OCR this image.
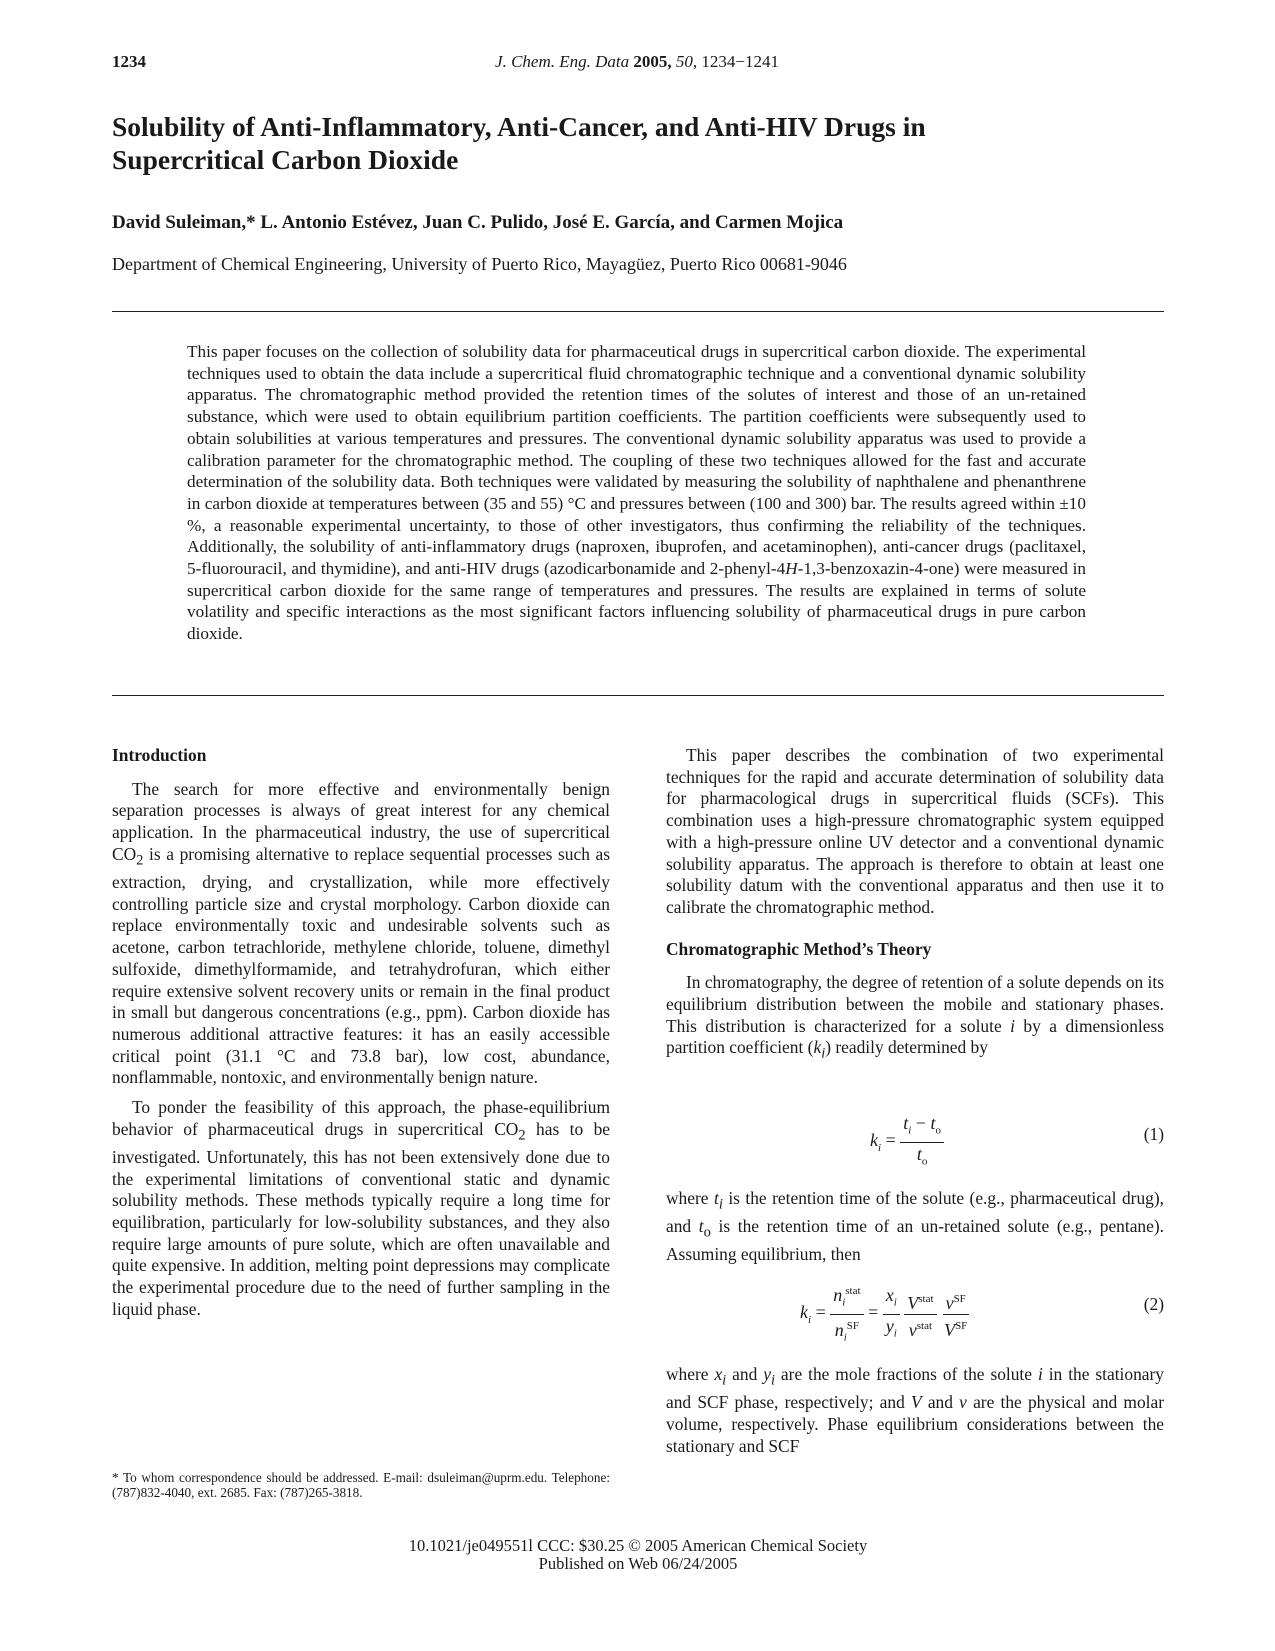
1234	J. Chem. Eng. Data 2005, 50, 1234−1241
Solubility of Anti-Inflammatory, Anti-Cancer, and Anti-HIV Drugs in
Supercritical Carbon Dioxide
David Suleiman,* L. Antonio Estévez, Juan C. Pulido, José E. García, and Carmen Mojica
Department of Chemical Engineering, University of Puerto Rico, Mayagüez, Puerto Rico 00681-9046
This paper focuses on the collection of solubility data for pharmaceutical drugs in supercritical carbon dioxide. The experimental techniques used to obtain the data include a supercritical fluid chromatographic technique and a conventional dynamic solubility apparatus. The chromatographic method provided the retention times of the solutes of interest and those of an un-retained substance, which were used to obtain equilibrium partition coefficients. The partition coefficients were subsequently used to obtain solubilities at various temperatures and pressures. The conventional dynamic solubility apparatus was used to provide a calibration parameter for the chromatographic method. The coupling of these two techniques allowed for the fast and accurate determination of the solubility data. Both techniques were validated by measuring the solubility of naphthalene and phenanthrene in carbon dioxide at temperatures between (35 and 55) °C and pressures between (100 and 300) bar. The results agreed within ±10 %, a reasonable experimental uncertainty, to those of other investigators, thus confirming the reliability of the techniques. Additionally, the solubility of anti-inflammatory drugs (naproxen, ibuprofen, and acetaminophen), anti-cancer drugs (paclitaxel, 5-fluorouracil, and thymidine), and anti-HIV drugs (azodicarbonamide and 2-phenyl-4H-1,3-benzoxazin-4-one) were measured in supercritical carbon dioxide for the same range of temperatures and pressures. The results are explained in terms of solute volatility and specific interactions as the most significant factors influencing solubility of pharmaceutical drugs in pure carbon dioxide.
Introduction

The search for more effective and environmentally benign separation processes is always of great interest for any chemical application. In the pharmaceutical industry, the use of supercritical $CO_2$ is a promising alternative to replace sequential processes such as extraction, drying, and crystallization, while more effectively controlling particle size and crystal morphology. Carbon dioxide can replace environmentally toxic and undesirable solvents such as acetone, carbon tetrachloride, methylene chloride, toluene, dimethyl sulfoxide, dimethylformamide, and tetrahydrofuran, which either require extensive solvent recovery units or remain in the final product in small but dangerous concentrations (e.g., ppm). Carbon dioxide has numerous additional attractive features: it has an easily accessible critical point (31.1 °C and 73.8 bar), low cost, abundance, nonflammable, nontoxic, and environmentally benign nature.

To ponder the feasibility of this approach, the phase-equilibrium behavior of pharmaceutical drugs in supercritical $CO_2$ has to be investigated. Unfortunately, this has not been extensively done due to the experimental limitations of conventional static and dynamic solubility methods. These methods typically require a long time for equilibration, particularly for low-solubility substances, and they also require large amounts of pure solute, which are often unavailable and quite expensive. In addition, melting point depressions may complicate the experimental procedure due to the need of further sampling in the liquid phase.

* To whom correspondence should be addressed. E-mail: dsuleiman@uprm.edu. Telephone: (787)832-4040, ext. 2685. Fax: (787)265-3818.

This paper describes the combination of two experimental techniques for the rapid and accurate determination of solubility data for pharmacological drugs in supercritical fluids (SCFs). This combination uses a high-pressure chromatographic system equipped with a high-pressure online UV detector and a conventional dynamic solubility apparatus. The approach is therefore to obtain at least one solubility datum with the conventional apparatus and then use it to calibrate the chromatographic method.

Chromatographic Method’s Theory

In chromatography, the degree of retention of a solute depends on its equilibrium distribution between the mobile and stationary phases. This distribution is characterized for a solute i by a dimensionless partition coefficient $(k_i)$ readily determined by

$k_i = \frac{t_i - t_o}{t_o}$	(1)

where $t_i$ is the retention time of the solute (e.g., pharmaceutical drug), and $t_o$ is the retention time of an un-retained solute (e.g., pentane). Assuming equilibrium, then

$k_i = \frac{n_i^{stat}}{n_i^{SF}} = \frac{x_i}{y_i}$
$\frac{V^{stat}}{v^{stat}}$
$\frac{v^{SF}}{V^{SF}}$	(2)

where $x_i$ and $y_i$ are the mole fractions of the solute i in the stationary and SCF phase, respectively; and V and v are the physical and molar volume, respectively. Phase equilibrium considerations between the stationary and SCF

10.1021/je049551l CCC: $30.25 © 2005 American Chemical Society
Published on Web 06/24/2005
